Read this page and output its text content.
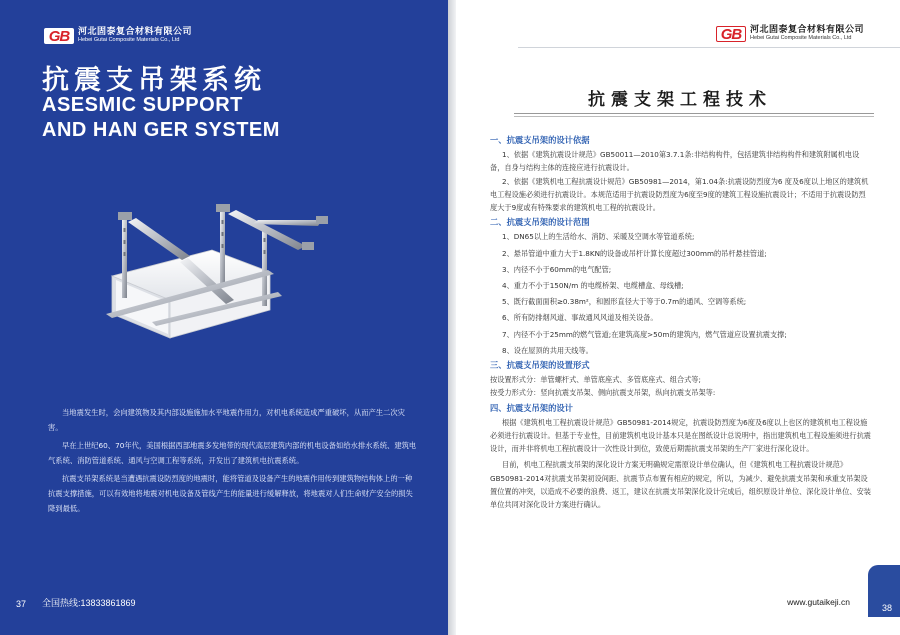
GB 河北固泰复合材料有限公司
Hebei Gutai Composite Materials Co., Ltd
抗震支吊架系统
ASESMIC SUPPORT
AND HAN GER SYSTEM

当地震发生时，会向建筑物及其内部设施施加水平地震作用力，对机电系统造成严重破坏，从而产生二次灾害。

早在上世纪60、70年代，美国根据西部地震多发地带的现代高层建筑内部的机电设备如给水排水系统、建筑电气系统、消防管道系统、通风与空调工程等系统，开发出了建筑机电抗震系统。

抗震支吊架系统是当遭遇抗震设防烈度的地震时，能将管道及设备产生的地震作用传到建筑物结构体上的一种抗震支撑措施，可以有效地将地震对机电设备及管线产生的能量进行缓解释放，将地震对人们生命财产安全的损失降到最低。

37 全国热线:13833861869
GB 河北固泰复合材料有限公司
Hebei Gutai Composite Materials Co., Ltd
抗震支架工程技术
一、抗震支吊架的设计依据
1、依据《建筑抗震设计规范》GB50011—2010第3.7.1条:非结构构件，包括建筑非结构构件和建筑附属机电设备，自身与结构主体的连接应进行抗震设计。
2、依据《建筑机电工程抗震设计规范》GB50981—2014，第1.04条:抗震设防烈度为6 度及6度以上地区的建筑机电工程设施必须进行抗震设计。本规范适用于抗震设防烈度为6度至9度的建筑工程设施抗震设计；不适用于抗震设防烈度大于9度或有特殊要求的建筑机电工程的抗震设计。
二、抗震支吊架的设计范围
1、DN65以上的生活给水、消防、采暖及空调水等管道系统;
2、悬吊管道中重力大于1.8KN的设备或吊杆计算长度超过300mm的吊杆悬挂管道;
3、内径不小于60mm的电气配管;
4、重力不小于150N/m 的电缆桥架、电缆槽盒、母线槽;
5、既行截面面积≥0.38m²，和圆形直径大于等于0.7m的通风、空调等系统;
6、所有防排烟风道、事故通风风道及相关设备。
7、内径不小于25mm的燃气管道;在建筑高度>50m的建筑内，燃气管道应设置抗震支撑;
8、设在屋顶的共用天线等。
三、抗震支吊架的设置形式
按设置形式分：单管螺杆式、单管底座式、多管底座式、组合式等;
按受力形式分：竖向抗震支吊架、侧向抗震支吊架，纵向抗震支吊架等:
四、抗震支吊架的设计
根据《建筑机电工程抗震设计规范》GB50981-2014规定，抗震设防烈度为6度及6度以上也区的建筑机电工程设施必须进行抗震设计。但基于专业性，目前建筑机电设计基本只是在图纸设计总说明中，指出建筑机电工程设施须进行抗震设计，而并非将机电工程抗震设计一次性设计到位，致使后期需抗震支吊架的生产厂家进行深化设计。
目前，机电工程抗震支吊架的深化设计方案无明确规定需原设计单位确认，但《建筑机电工程抗震设计规范》GB50981-2014对抗震支吊架初设间距、抗震节点布置有相应的规定，所以，为减少、避免抗震支吊架和承重支吊架设置位置的冲突，以造成不必要的浪费、返工，建议在抗震支吊架深化设计完成后，组织原设计单位、深化设计单位、安装单位共同对深化设计方案进行确认。
www.gutaikeji.cn
38
